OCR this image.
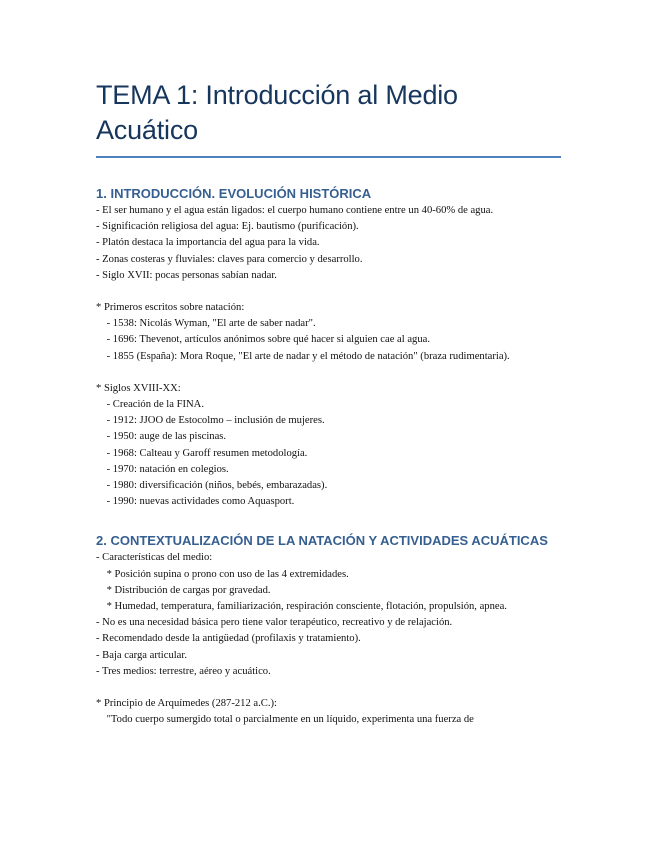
TEMA 1: Introducción al Medio Acuático
1. INTRODUCCIÓN. EVOLUCIÓN HISTÓRICA
- El ser humano y el agua están ligados: el cuerpo humano contiene entre un 40-60% de agua.
- Significación religiosa del agua: Ej. bautismo (purificación).
- Platón destaca la importancia del agua para la vida.
- Zonas costeras y fluviales: claves para comercio y desarrollo.
- Siglo XVII: pocas personas sabían nadar.
* Primeros escritos sobre natación:
- 1538: Nicolás Wyman, "El arte de saber nadar".
- 1696: Thevenot, artículos anónimos sobre qué hacer si alguien cae al agua.
- 1855 (España): Mora Roque, "El arte de nadar y el método de natación" (braza rudimentaria).
* Siglos XVIII-XX:
- Creación de la FINA.
- 1912: JJOO de Estocolmo – inclusión de mujeres.
- 1950: auge de las piscinas.
- 1968: Calteau y Garoff resumen metodología.
- 1970: natación en colegios.
- 1980: diversificación (niños, bebés, embarazadas).
- 1990: nuevas actividades como Aquasport.
2. CONTEXTUALIZACIÓN DE LA NATACIÓN Y ACTIVIDADES ACUÁTICAS
- Características del medio:
* Posición supina o prono con uso de las 4 extremidades.
* Distribución de cargas por gravedad.
* Humedad, temperatura, familiarización, respiración consciente, flotación, propulsión, apnea.
- No es una necesidad básica pero tiene valor terapéutico, recreativo y de relajación.
- Recomendado desde la antigüedad (profilaxis y tratamiento).
- Baja carga articular.
- Tres medios: terrestre, aéreo y acuático.
* Principio de Arquímedes (287-212 a.C.):
"Todo cuerpo sumergido total o parcialmente en un líquido, experimenta una fuerza de
